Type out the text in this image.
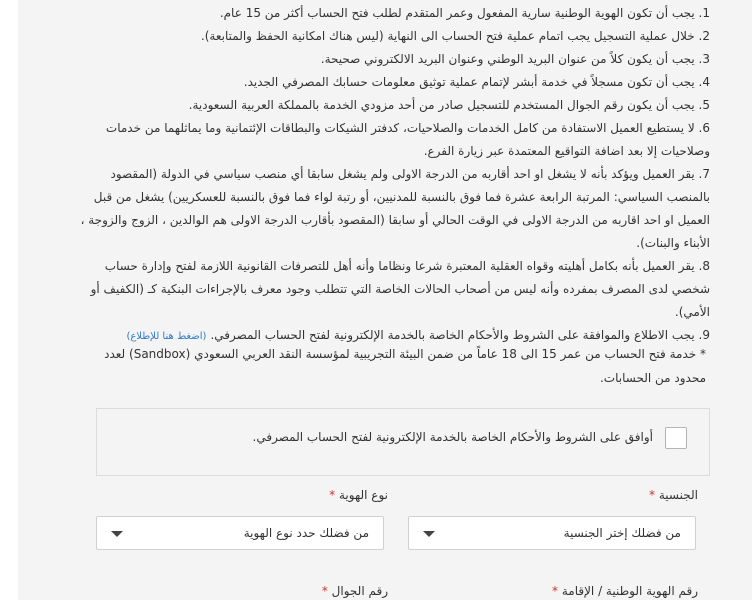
1. يجب أن تكون الهوية الوطنية سارية المفعول وعمر المتقدم لطلب فتح الحساب أكثر من 15 عام.

2. خلال عملية التسجيل يجب اتمام عملية فتح الحساب الى النهاية (ليس هناك امكانية الحفظ والمتابعة).

3. يجب أن يكون كلاً من عنوان البريد الوطني وعنوان البريد الالكتروني صحيحة.

4. يجب أن تكون مسجلاً في خدمة أبشر لإتمام عملية توثيق معلومات حسابك المصرفي الجديد.

5. يجب أن يكون رقم الجوال المستخدم للتسجيل صادر من أحد مزودي الخدمة بالمملكة العربية السعودية.

6. لا يستطيع العميل الاستفادة من كامل الخدمات والصلاحيات، كدفتر الشيكات والبطاقات الإئتمانية وما يماثلهما من خدمات وصلاحيات إلا بعد اضافة التواقيع المعتمدة عبر زيارة الفرع.

7. يقر العميل ويؤكد بأنه لا يشغل او احد أقاربه من الدرجة الاولى ولم يشغل سابقا أي منصب سياسي في الدولة (المقصود بالمنصب السياسي: المرتبة الرابعة عشرة فما فوق بالنسبة للمدنيين، أو رتبة لواء فما فوق بالنسبة للعسكريين) يشغل من قبل العميل او احد اقاربه من الدرجة الاولى في الوقت الحالي أو سابقا (المقصود بأقارب الدرجة الاولى هم الوالدين ، الزوج والزوجة ، الأبناء والبنات).

8. يقر العميل بأنه بكامل أهليته وقواه العقلية المعتبرة شرعا ونظاما وأنه أهل للتصرفات القانونية اللازمة لفتح وإدارة حساب شخصي لدى المصرف بمفرده وأنه ليس من أصحاب الحالات الخاصة التي تتطلب وجود معرف بالإجراءات البنكية كـ (الكفيف أو الأمي).

9. يجب الاطلاع والموافقة على الشروط والأحكام الخاصة بالخدمة الإلكترونية لفتح الحساب المصرفي.(اضغط هنا للإطلاع)

* خدمة فتح الحساب من عمر 15 الى 18 عاماً من ضمن البيئة التجريبية لمؤسسة النقد العربي السعودي (Sandbox) لعدد محدود من الحسابات.
أوافق على الشروط والأحكام الخاصة بالخدمة الإلكترونية لفتح الحساب المصرفي.
الجنسية *
نوع الهوية *
من فضلك إختر الجنسية
من فضلك حدد نوع الهوية
رقم الهوية الوطنية / الإقامة *
رقم الجوال *
